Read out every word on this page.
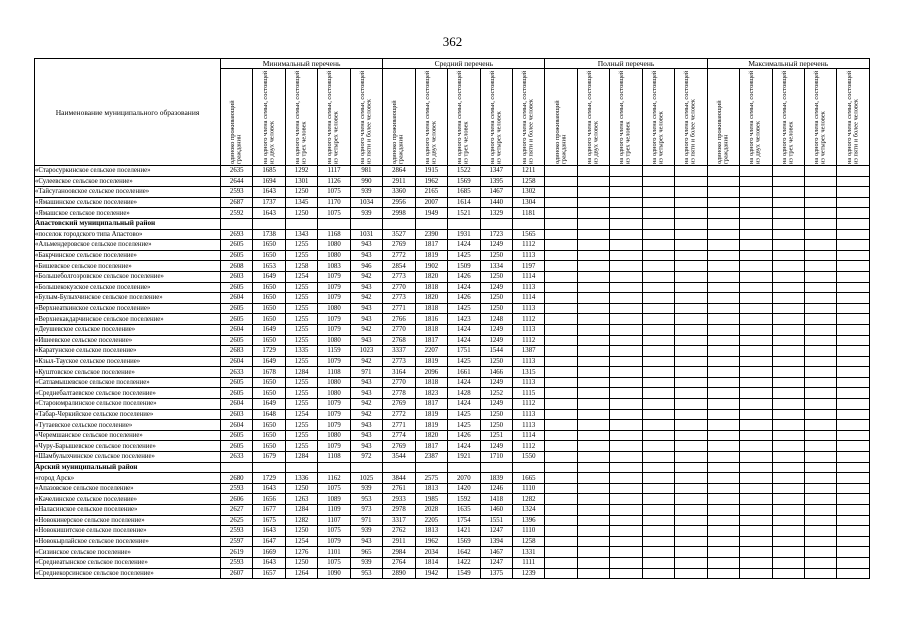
362
Наименование муниципального образования	Минимальный перечень					Средний перечень					Полный перечень					Максимальный перечень				

	одиноко проживающий гражданин	на одного члена семьи, состоящей из двух человек	на одного члена семьи, состоящей из трех человек	на одного члена семьи, состоящей из четырех человек	на одного члена семьи, состоящей из пяти и более человек	одиноко проживающий гражданин	на одного члена семьи, состоящей из двух человек	на одного члена семьи, состоящей из трех человек	на одного члена семьи, состоящей из четырех человек	на одного члена семьи, состоящей из пяти и более человек	одиноко проживающий гражданин	на одного члена семьи, состоящей из двух человек	на одного члена семьи, состоящей из трех человек	на одного члена семьи, состоящей из четырех человек	на одного члена семьи, состоящей из пяти и более человек	одиноко проживающий гражданин	на одного члена семьи, состоящей из двух человек	на одного члена семьи, состоящей из трех человек	на одного члена семьи, состоящей из четырех человек	на одного члена семьи, состоящей из пяти и более человек

«Старосуркинское сельское поселение»	2635	1685	1292	1117	981	2864	1915	1522	1347	1211										
«Сулеевское сельское поселение»	2644	1694	1301	1126	990	2911	1962	1569	1395	1258										
«Тайсуганоовское сельское поселение»	2593	1643	1250	1075	939	3360	2165	1685	1467	1302										
«Ямашинское сельское поселение»	2687	1737	1345	1170	1034	2956	2007	1614	1440	1304										
«Ямашское сельское поселение»	2592	1643	1250	1075	939	2998	1949	1521	1329	1181										
Апастовский муниципальный район																				
«поселок городского типа Апастово»	2693	1738	1343	1168	1031	3527	2390	1931	1723	1565										
«Альмендеровское сельское поселение»	2605	1650	1255	1080	943	2769	1817	1424	1249	1112										
«Бакрчинское сельское поселение»	2605	1650	1255	1080	943	2772	1819	1425	1250	1113										
«Бишевское сельское поселение»	2608	1653	1258	1083	946	2854	1902	1509	1334	1197										
«Большеболгоэровское сельское поселение»	2603	1649	1254	1079	942	2773	1820	1426	1250	1114										
«Большекокузское сельское поселение»	2605	1650	1255	1079	943	2770	1818	1424	1249	1113										
«Булым-Булыхчинское сельское поселение»	2604	1650	1255	1079	942	2773	1820	1426	1250	1114										
«Верхнеаткинское сельское поселение»	2605	1650	1255	1080	943	2771	1818	1425	1250	1113										
«Верхнекакдарчинское сельское поселение»	2605	1650	1255	1079	943	2766	1816	1423	1248	1112										
«Деушевское сельское поселение»	2604	1649	1255	1079	942	2770	1818	1424	1249	1113										
«Ишеевское сельское поселение»	2605	1650	1255	1080	943	2768	1817	1424	1249	1112										
«Каратунское сельское поселение»	2683	1729	1335	1159	1023	3337	2207	1751	1544	1387										
«Кзыл-Тауское сельское поселение»	2604	1649	1255	1079	942	2773	1819	1425	1250	1113										
«Куштовское сельское поселение»	2633	1678	1284	1108	971	3164	2096	1661	1466	1315										
«Сатламышевское сельское поселение»	2605	1650	1255	1080	943	2770	1818	1424	1249	1113										
«Среднебалтаевское сельское поселение»	2605	1650	1255	1080	943	2778	1823	1428	1252	1115										
«Староюмралинское сельское поселение»	2604	1649	1255	1079	942	2769	1817	1424	1249	1112										
«Табар-Черкийское сельское поселение»	2603	1648	1254	1079	942	2772	1819	1425	1250	1113										
«Тутаевское сельское поселение»	2604	1650	1255	1079	943	2771	1819	1425	1250	1113										
«Черемшанское сельское поселение»	2605	1650	1255	1080	943	2774	1820	1426	1251	1114										
«Чуру-Барышевское сельское поселение»	2605	1650	1255	1079	943	2769	1817	1424	1249	1112										
«Шамбулыхчинское сельское поселение»	2633	1679	1284	1108	972	3544	2387	1921	1710	1550										
Арский муниципальный район																				
«город Арск»	2680	1729	1336	1162	1025	3844	2575	2070	1839	1665										
«Апазовское сельское поселение»	2593	1643	1250	1075	939	2761	1813	1420	1246	1110										
«Качелинское сельское поселение»	2606	1656	1263	1089	953	2933	1985	1592	1418	1282										
«Наласинское сельское поселение»	2627	1677	1284	1109	973	2978	2028	1635	1460	1324										
«Новокинерское сельское поселение»	2625	1675	1282	1107	971	3317	2205	1754	1551	1396										
«Новокишитское сельское поселение»	2593	1643	1250	1075	939	2762	1813	1421	1247	1110										
«Новокырлайское сельское поселение»	2597	1647	1254	1079	943	2911	1962	1569	1394	1258										
«Сизинское сельское поселение»	2619	1669	1276	1101	965	2984	2034	1642	1467	1331										
«Среднеатынское сельское поселение»	2593	1643	1250	1075	939	2764	1814	1422	1247	1111										
«Среднекорсинское сельское поселение»	2607	1657	1264	1090	953	2890	1942	1549	1375	1239										
